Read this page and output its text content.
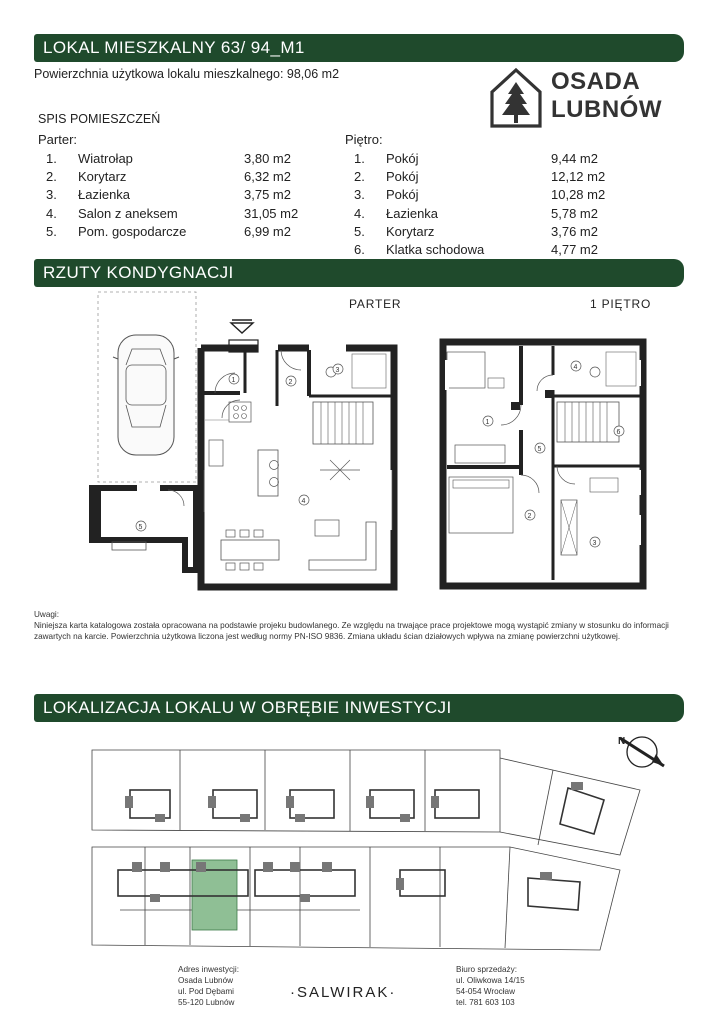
LOKAL MIESZKALNY 63/ 94_M1
Powierzchnia użytkowa lokalu mieszkalnego: 98,06 m2	OSADA
LUBNÓW
SPIS POMIESZCZEŃ
Parter:	Piętro:
1. Wiatrołap	3,80 m2
2. Korytarz	6,32 m2
3. Łazienka	3,75 m2
4. Salon z aneksem	31,05 m2
5. Pom. gospodarcze	6,99 m2
1. Pokój	9,44 m2
2. Pokój	12,12 m2
3. Pokój	10,28 m2
4. Łazienka	5,78 m2
5. Korytarz	3,76 m2
6. Klatka schodowa	4,77 m2
RZUTY KONDYGNACJI
PARTER	1 PIĘTRO
5
1	2
3
4
1
2
3
4
5
6
Uwagi:
Niniejsza karta katalogowa została opracowana na podstawie projeku budowlanego. Ze względu na trwające prace projektowe mogą wystąpić zmiany w stosunku do informacji zawartych na karcie. Powierzchnia użytkowa liczona jest według normy PN-ISO 9836. Zmiana układu ścian działowych wpływa na zmianę powierzchni użytkowej.
LOKALIZACJA LOKALU W OBRĘBIE INWESTYCJI
N
Adres inwestycji:
Osada Lubnów
ul. Pod Dębami
55-120 Lubnów
·SALWIRAK·
Biuro sprzedaży:
ul. Oliwkowa 14/15
54-054 Wrocław
tel. 781 603 103
